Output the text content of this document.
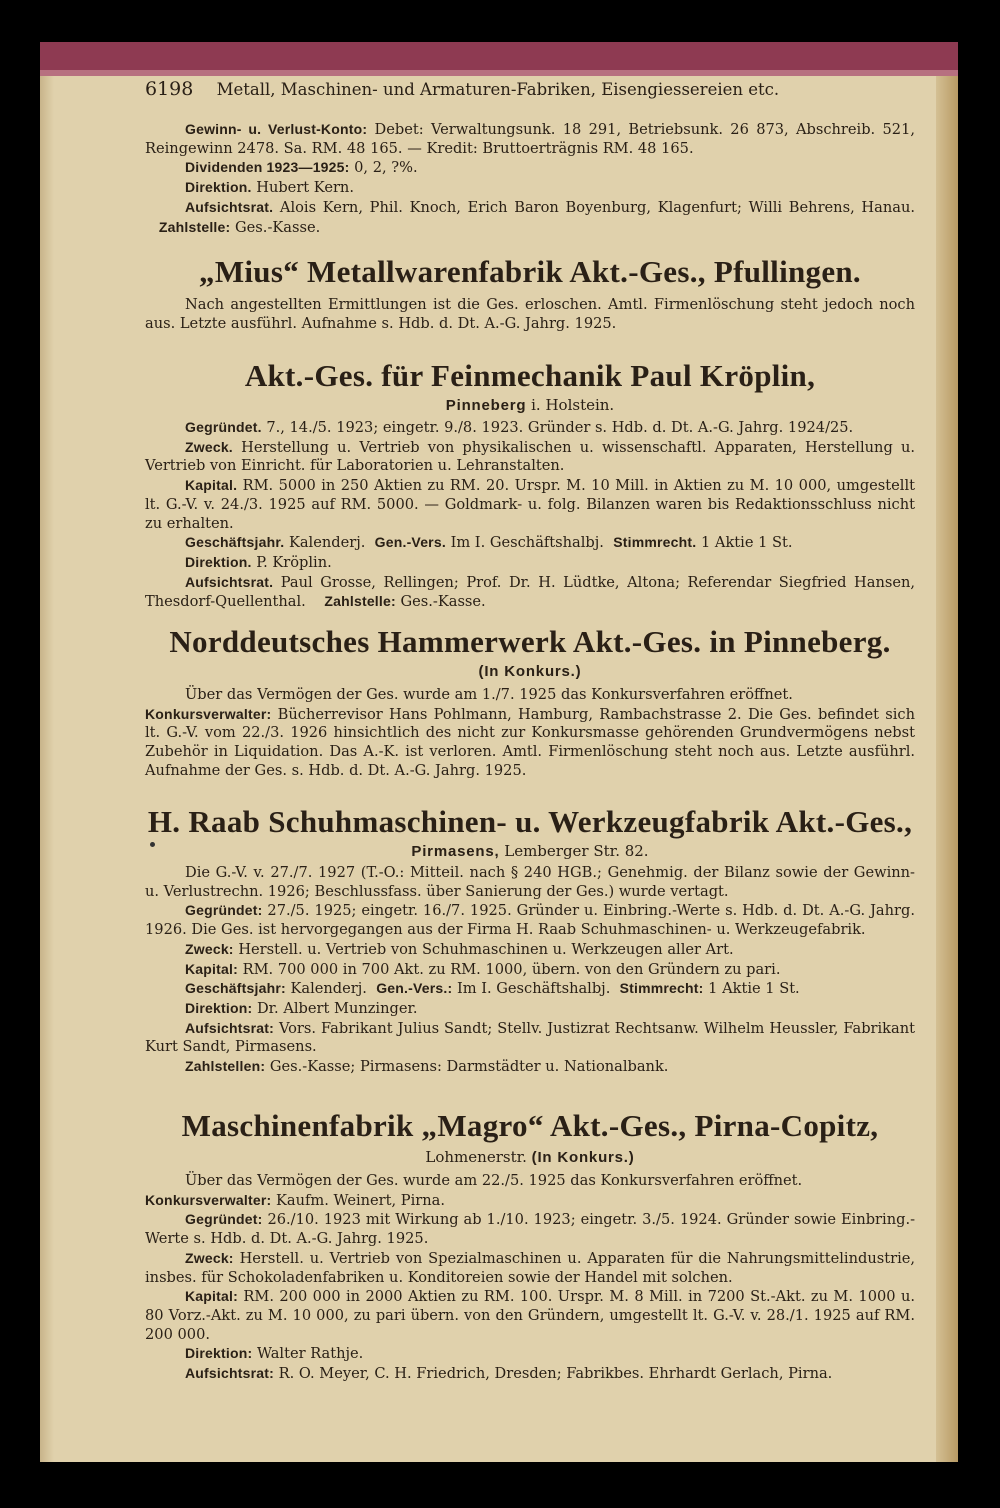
6198 Metall, Maschinen- und Armaturen-Fabriken, Eisengiessereien etc.

Gewinn- u. Verlust-Konto: Debet: Verwaltungsunk. 18 291, Betriebsunk. 26 873, Abschreib. 521, Reingewinn 2478. Sa. RM. 48 165. — Kredit: Bruttoerträgnis RM. 48 165.

Dividenden 1923—1925: 0, 2, ?%.

Direktion. Hubert Kern.

Aufsichtsrat. Alois Kern, Phil. Knoch, Erich Baron Boyenburg, Klagenfurt; Willi Behrens, Hanau.    Zahlstelle: Ges.-Kasse.

„Mius“ Metallwarenfabrik Akt.-Ges., Pfullingen.

Nach angestellten Ermittlungen ist die Ges. erloschen. Amtl. Firmenlöschung steht jedoch noch aus. Letzte ausführl. Aufnahme s. Hdb. d. Dt. A.-G. Jahrg. 1925.

Akt.-Ges. für Feinmechanik Paul Kröplin,
Pinneberg i. Holstein.

Gegründet. 7., 14./5. 1923; eingetr. 9./8. 1923. Gründer s. Hdb. d. Dt. A.-G. Jahrg. 1924/25.

Zweck. Herstellung u. Vertrieb von physikalischen u. wissenschaftl. Apparaten, Herstellung u. Vertrieb von Einricht. für Laboratorien u. Lehranstalten.

Kapital. RM. 5000 in 250 Aktien zu RM. 20. Urspr. M. 10 Mill. in Aktien zu M. 10 000, umgestellt lt. G.-V. v. 24./3. 1925 auf RM. 5000. — Goldmark- u. folg. Bilanzen waren bis Redaktionsschluss nicht zu erhalten.

Geschäftsjahr. Kalenderj. Gen.-Vers. Im I. Geschäftshalbj. Stimmrecht. 1 Aktie 1 St.

Direktion. P. Kröplin.

Aufsichtsrat. Paul Grosse, Rellingen; Prof. Dr. H. Lüdtke, Altona; Referendar Siegfried Hansen, Thesdorf-Quellenthal. Zahlstelle: Ges.-Kasse.

Norddeutsches Hammerwerk Akt.-Ges. in Pinneberg.
(In Konkurs.)

Über das Vermögen der Ges. wurde am 1./7. 1925 das Konkursverfahren eröffnet.

Konkursverwalter: Bücherrevisor Hans Pohlmann, Hamburg, Rambachstrasse 2. Die Ges. befindet sich lt. G.-V. vom 22./3. 1926 hinsichtlich des nicht zur Konkursmasse gehörenden Grundvermögens nebst Zubehör in Liquidation. Das A.-K. ist verloren. Amtl. Firmenlöschung steht noch aus. Letzte ausführl. Aufnahme der Ges. s. Hdb. d. Dt. A.-G. Jahrg. 1925.

H. Raab Schuhmaschinen- u. Werkzeugfabrik Akt.-Ges.,
Pirmasens, Lemberger Str. 82.

Die G.-V. v. 27./7. 1927 (T.-O.: Mitteil. nach § 240 HGB.; Genehmig. der Bilanz sowie der Gewinn- u. Verlustrechn. 1926; Beschlussfass. über Sanierung der Ges.) wurde vertagt.

Gegründet: 27./5. 1925; eingetr. 16./7. 1925. Gründer u. Einbring.-Werte s. Hdb. d. Dt. A.-G. Jahrg. 1926. Die Ges. ist hervorgegangen aus der Firma H. Raab Schuhmaschinen- u. Werkzeugefabrik.

Zweck: Herstell. u. Vertrieb von Schuhmaschinen u. Werkzeugen aller Art.

Kapital: RM. 700 000 in 700 Akt. zu RM. 1000, übern. von den Gründern zu pari.

Geschäftsjahr: Kalenderj. Gen.-Vers.: Im I. Geschäftshalbj. Stimmrecht: 1 Aktie 1 St.

Direktion: Dr. Albert Munzinger.

Aufsichtsrat: Vors. Fabrikant Julius Sandt; Stellv. Justizrat Rechtsanw. Wilhelm Heussler, Fabrikant Kurt Sandt, Pirmasens.

Zahlstellen: Ges.-Kasse; Pirmasens: Darmstädter u. Nationalbank.

Maschinenfabrik „Magro“ Akt.-Ges., Pirna-Copitz,
Lohmenerstr. (In Konkurs.)

Über das Vermögen der Ges. wurde am 22./5. 1925 das Konkursverfahren eröffnet.

Konkursverwalter: Kaufm. Weinert, Pirna.

Gegründet: 26./10. 1923 mit Wirkung ab 1./10. 1923; eingetr. 3./5. 1924. Gründer sowie Einbring.-Werte s. Hdb. d. Dt. A.-G. Jahrg. 1925.

Zweck: Herstell. u. Vertrieb von Spezialmaschinen u. Apparaten für die Nahrungsmittelindustrie, insbes. für Schokoladenfabriken u. Konditoreien sowie der Handel mit solchen.

Kapital: RM. 200 000 in 2000 Aktien zu RM. 100. Urspr. M. 8 Mill. in 7200 St.-Akt. zu M. 1000 u. 80 Vorz.-Akt. zu M. 10 000, zu pari übern. von den Gründern, umgestellt lt. G.-V. v. 28./1. 1925 auf RM. 200 000.

Direktion: Walter Rathje.

Aufsichtsrat: R. O. Meyer, C. H. Friedrich, Dresden; Fabrikbes. Ehrhardt Gerlach, Pirna.
